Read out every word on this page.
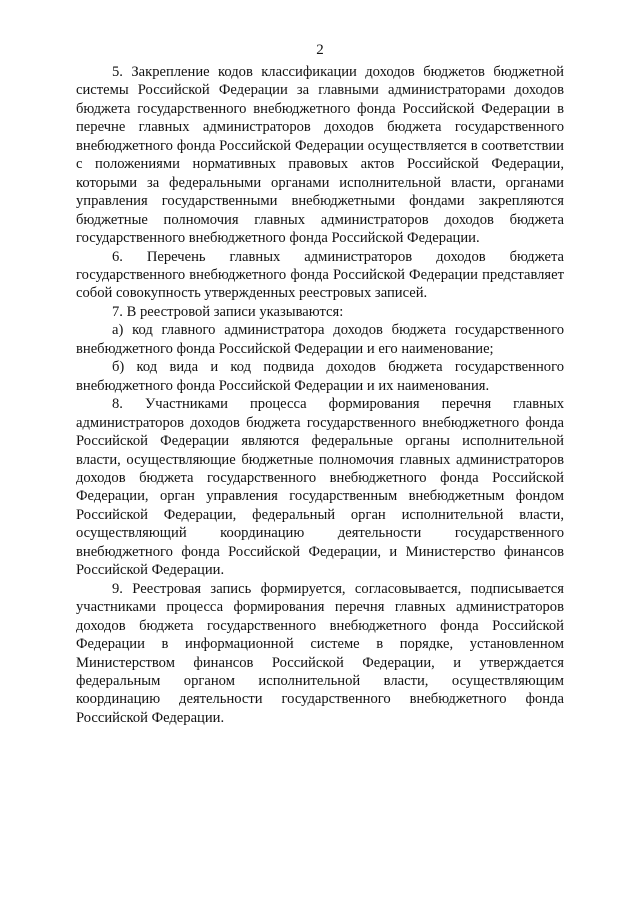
2

5. Закрепление кодов классификации доходов бюджетов бюджетной системы Российской Федерации за главными администраторами доходов бюджета государственного внебюджетного фонда Российской Федерации в перечне главных администраторов доходов бюджета государственного внебюджетного фонда Российской Федерации осуществляется в соответствии с положениями нормативных правовых актов Российской Федерации, которыми за федеральными органами исполнительной власти, органами управления государственными внебюджетными фондами закрепляются бюджетные полномочия главных администраторов доходов бюджета государственного внебюджетного фонда Российской Федерации.

6. Перечень главных администраторов доходов бюджета государственного внебюджетного фонда Российской Федерации представляет собой совокупность утвержденных реестровых записей.

7. В реестровой записи указываются:

а) код главного администратора доходов бюджета государственного внебюджетного фонда Российской Федерации и его наименование;

б) код вида и код подвида доходов бюджета государственного внебюджетного фонда Российской Федерации и их наименования.

8. Участниками процесса формирования перечня главных администраторов доходов бюджета государственного внебюджетного фонда Российской Федерации являются федеральные органы исполнительной власти, осуществляющие бюджетные полномочия главных администраторов доходов бюджета государственного внебюджетного фонда Российской Федерации, орган управления государственным внебюджетным фондом Российской Федерации, федеральный орган исполнительной власти, осуществляющий координацию деятельности государственного внебюджетного фонда Российской Федерации, и Министерство финансов Российской Федерации.

9. Реестровая запись формируется, согласовывается, подписывается участниками процесса формирования перечня главных администраторов доходов бюджета государственного внебюджетного фонда Российской Федерации в информационной системе в порядке, установленном Министерством финансов Российской Федерации, и утверждается федеральным органом исполнительной власти, осуществляющим координацию деятельности государственного внебюджетного фонда Российской Федерации.
